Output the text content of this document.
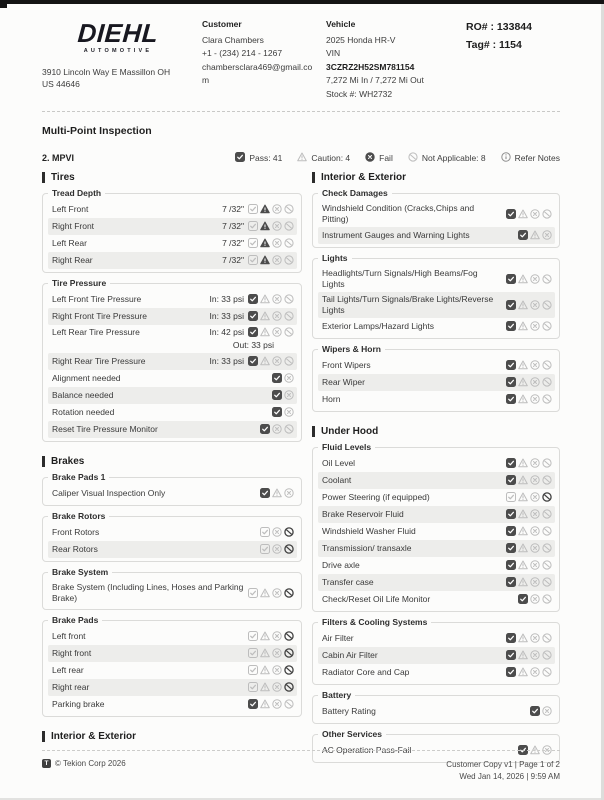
DIEHL
AUTOMOTIVE
3910 Lincoln Way E Massillon OH
US 44646
Customer
Clara Chambers
+1 - (234) 214 - 1267
chambersclara469@gmail.com
Vehicle
2025 Honda HR-V
VIN
3CZRZ2H52SM781154
7,272 Mi In / 7,272 Mi Out
Stock #: WH2732
RO# : 133844
Tag# : 1154
Multi-Point Inspection
2. MPVI	Pass: 41	Caution: 4	Fail	Not Applicable: 8	Refer Notes
Tires
Tread Depth
Left Front	7 /32"
Right Front	7 /32"
Left Rear	7 /32"
Right Rear	7 /32"
Tire Pressure
Left Front Tire Pressure	In: 33 psi
Right Front Tire Pressure	In: 33 psi
Left Rear Tire Pressure	In: 42 psi
Out: 33 psi
Right Rear Tire Pressure	In: 33 psi
Alignment needed
Balance needed
Rotation needed
Reset Tire Pressure Monitor
Brakes
Brake Pads 1
Caliper Visual Inspection Only
Brake Rotors
Front Rotors
Rear Rotors
Brake System
Brake System (Including Lines, Hoses and Parking Brake)
Brake Pads
Left front
Right front
Left rear
Right rear
Parking brake
Interior & Exterior
Interior & Exterior
Check Damages
Windshield Condition (Cracks,Chips and Pitting)
Instrument Gauges and Warning Lights
Lights
Headlights/Turn Signals/High Beams/Fog Lights
Tail Lights/Turn Signals/Brake Lights/Reverse Lights
Exterior Lamps/Hazard Lights
Wipers & Horn
Front Wipers
Rear Wiper
Horn
Under Hood
Fluid Levels
Oil Level
Coolant
Power Steering (if equipped)
Brake Reservoir Fluid
Windshield Washer Fluid
Transmission/ transaxle
Drive axle
Transfer case
Check/Reset Oil Life Monitor
Filters & Cooling Systems
Air Filter
Cabin Air Filter
Radiator Core and Cap
Battery
Battery Rating
Other Services
AC Operation Pass-Fail
T © Tekion Corp 2026	Customer Copy v1 | Page 1 of 2
Wed Jan 14, 2026 | 9:59 AM
